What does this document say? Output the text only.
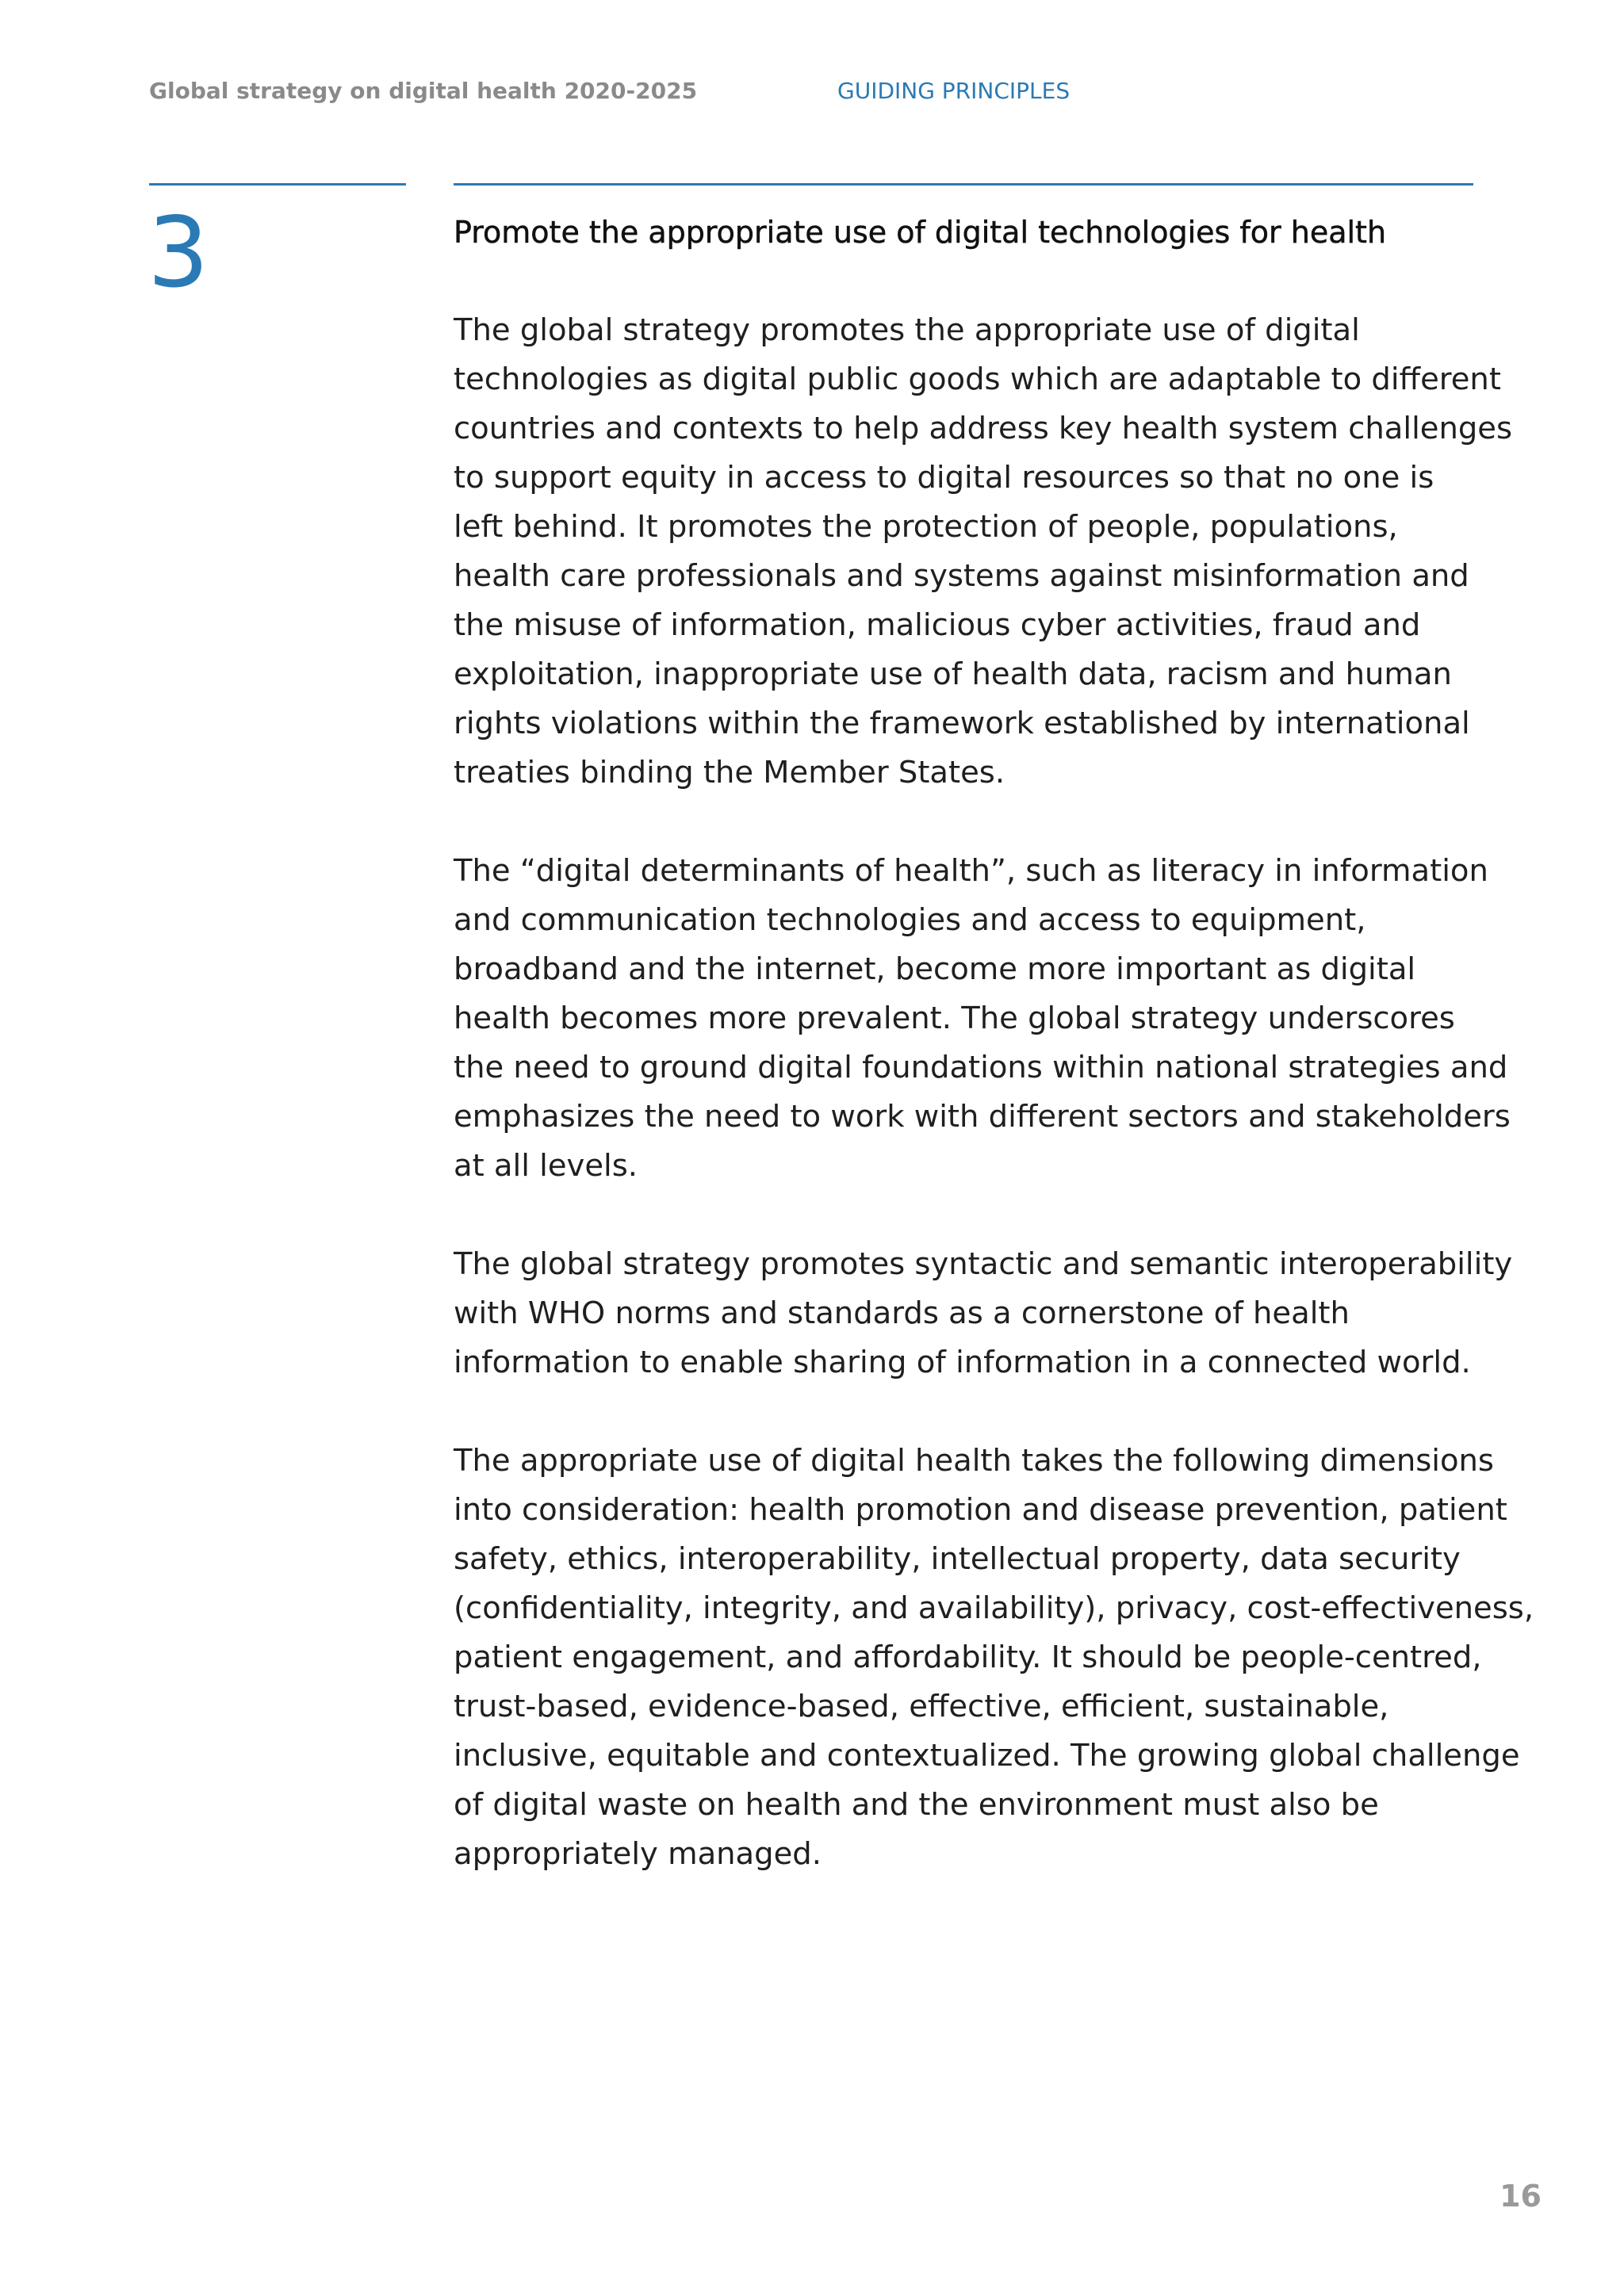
Global strategy on digital health 2020-2025	GUIDING PRINCIPLES
3	Promote the appropriate use of digital technologies for health

The global strategy promotes the appropriate use of digital
technologies as digital public goods which are adaptable to different
countries and contexts to help address key health system challenges
to support equity in access to digital resources so that no one is
left behind. It promotes the protection of people, populations,
health care professionals and systems against misinformation and
the misuse of information, malicious cyber activities, fraud and
exploitation, inappropriate use of health data, racism and human
rights violations within the framework established by international
treaties binding the Member States.

The “digital determinants of health”, such as literacy in information
and communication technologies and access to equipment,
broadband and the internet, become more important as digital
health becomes more prevalent. The global strategy underscores
the need to ground digital foundations within national strategies and
emphasizes the need to work with different sectors and stakeholders
at all levels.

The global strategy promotes syntactic and semantic interoperability
with WHO norms and standards as a cornerstone of health
information to enable sharing of information in a connected world.

The appropriate use of digital health takes the following dimensions
into consideration: health promotion and disease prevention, patient
safety, ethics, interoperability, intellectual property, data security
(confidentiality, integrity, and availability), privacy, cost-effectiveness,
patient engagement, and affordability. It should be people-centred,
trust-based, evidence-based, effective, efficient, sustainable,
inclusive, equitable and contextualized. The growing global challenge
of digital waste on health and the environment must also be
appropriately managed.

16
